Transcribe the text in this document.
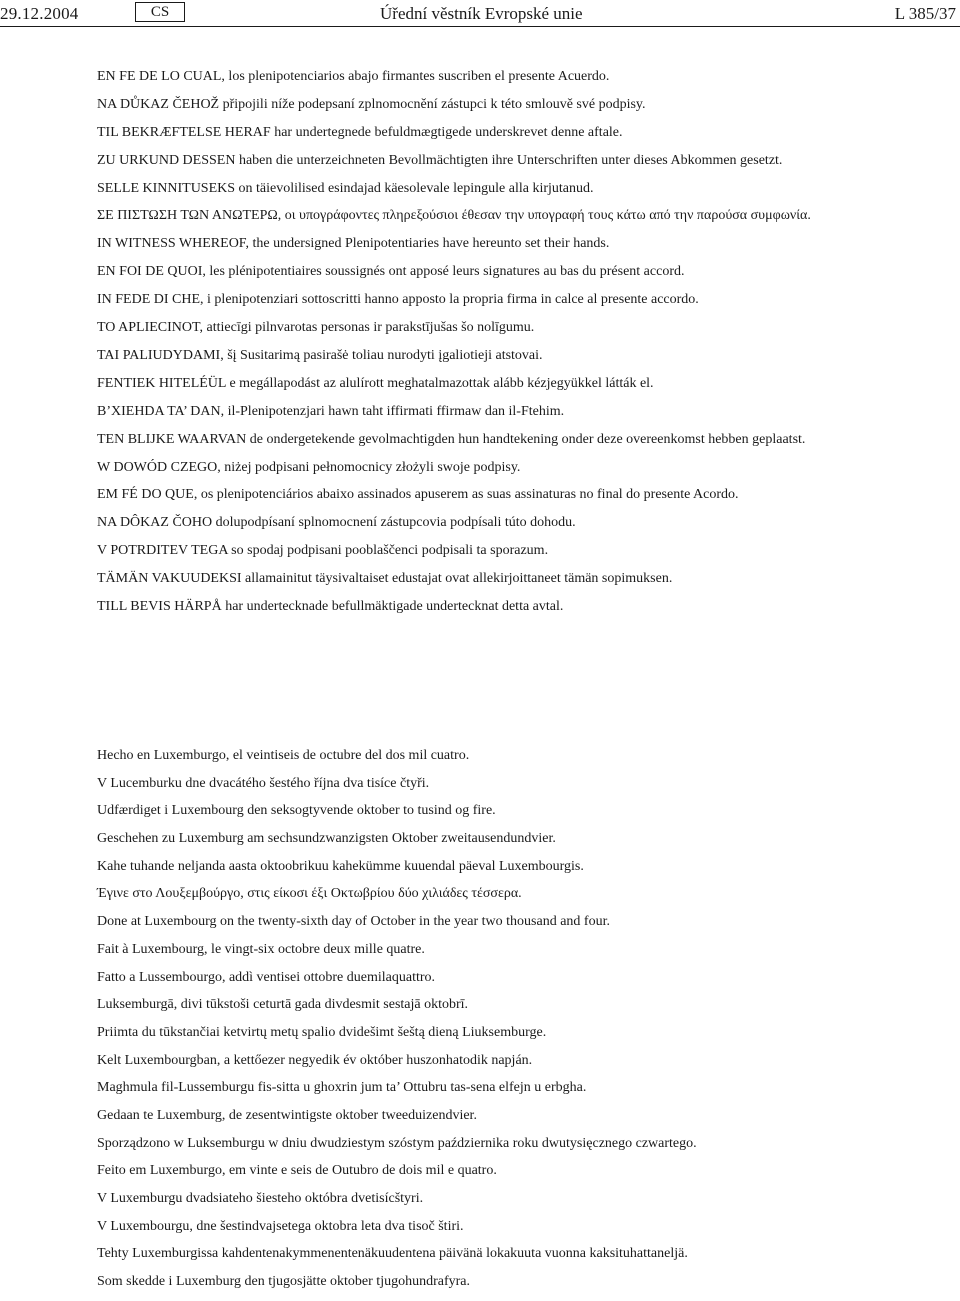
29.12.2004	CS	Úřední věstník Evropské unie	L 385/37

EN FE DE LO CUAL, los plenipotenciarios abajo firmantes suscriben el presente Acuerdo.

NA DŮKAZ ČEHOŽ připojili níže podepsaní zplnomocnění zástupci k této smlouvě své podpisy.

TIL BEKRÆFTELSE HERAF har undertegnede befuldmægtigede underskrevet denne aftale.

ZU URKUND DESSEN haben die unterzeichneten Bevollmächtigten ihre Unterschriften unter dieses Abkommen gesetzt.

SELLE KINNITUSEKS on täievolilised esindajad käesolevale lepingule alla kirjutanud.

ΣΕ ΠΙΣΤΩΣΗ ΤΩΝ ΑΝΩΤΕΡΩ, οι υπογράφοντες πληρεξούσιοι έθεσαν την υπογραφή τους κάτω από την παρούσα συμφωνία.

IN WITNESS WHEREOF, the undersigned Plenipotentiaries have hereunto set their hands.

EN FOI DE QUOI, les plénipotentiaires soussignés ont apposé leurs signatures au bas du présent accord.

IN FEDE DI CHE, i plenipotenziari sottoscritti hanno apposto la propria firma in calce al presente accordo.

TO APLIECINOT, attiecīgi pilnvarotas personas ir parakstījušas šo nolīgumu.

TAI PALIUDYDAMI, šį Susitarimą pasirašė toliau nurodyti įgaliotieji atstovai.

FENTIEK HITELÉÜL e megállapodást az alulírott meghatalmazottak alább kézjegyükkel látták el.

B’XIEHDA TA’ DAN, il-Plenipotenzjari hawn taht iffirmati ffirmaw dan il-Ftehim.

TEN BLIJKE WAARVAN de ondergetekende gevolmachtigden hun handtekening onder deze overeenkomst hebben geplaatst.

W DOWÓD CZEGO, niżej podpisani pełnomocnicy złożyli swoje podpisy.

EM FÉ DO QUE, os plenipotenciários abaixo assinados apuserem as suas assinaturas no final do presente Acordo.

NA DÔKAZ ČOHO dolupodpísaní splnomocnení zástupcovia podpísali túto dohodu.

V POTRDITEV TEGA so spodaj podpisani pooblaščenci podpisali ta sporazum.

TÄMÄN VAKUUDEKSI allamainitut täysivaltaiset edustajat ovat allekirjoittaneet tämän sopimuksen.

TILL BEVIS HÄRPÅ har undertecknade befullmäktigade undertecknat detta avtal.

Hecho en Luxemburgo, el veintiseis de octubre del dos mil cuatro.

V Lucemburku dne dvacátého šestého října dva tisíce čtyři.

Udfærdiget i Luxembourg den seksogtyvende oktober to tusind og fire.

Geschehen zu Luxemburg am sechsundzwanzigsten Oktober zweitausendundvier.

Kahe tuhande neljanda aasta oktoobrikuu kahekümme kuuendal päeval Luxembourgis.

Έγινε στο Λουξεμβούργο, στις είκοσι έξι Οκτωβρίου δύο χιλιάδες τέσσερα.

Done at Luxembourg on the twenty-sixth day of October in the year two thousand and four.

Fait à Luxembourg, le vingt-six octobre deux mille quatre.

Fatto a Lussembourgo, addì ventisei ottobre duemilaquattro.

Luksemburgā, divi tūkstoši ceturtā gada divdesmit sestajā oktobrī.

Priimta du tūkstančiai ketvirtų metų spalio dvidešimt šeštą dieną Liuksemburge.

Kelt Luxembourgban, a kettőezer negyedik év október huszonhatodik napján.

Maghmula fil-Lussemburgu fis-sitta u ghoxrin jum ta’ Ottubru tas-sena elfejn u erbgha.

Gedaan te Luxemburg, de zesentwintigste oktober tweeduizendvier.

Sporządzono w Luksemburgu w dniu dwudziestym szóstym października roku dwutysięcznego czwartego.

Feito em Luxemburgo, em vinte e seis de Outubro de dois mil e quatro.

V Luxemburgu dvadsiateho šiesteho októbra dvetisícštyri.

V Luxembourgu, dne šestindvajsetega oktobra leta dva tisoč štiri.

Tehty Luxemburgissa kahdentenakymmenentenäkuudentena päivänä lokakuuta vuonna kaksituhattaneljä.

Som skedde i Luxemburg den tjugosjätte oktober tjugohundrafyra.
